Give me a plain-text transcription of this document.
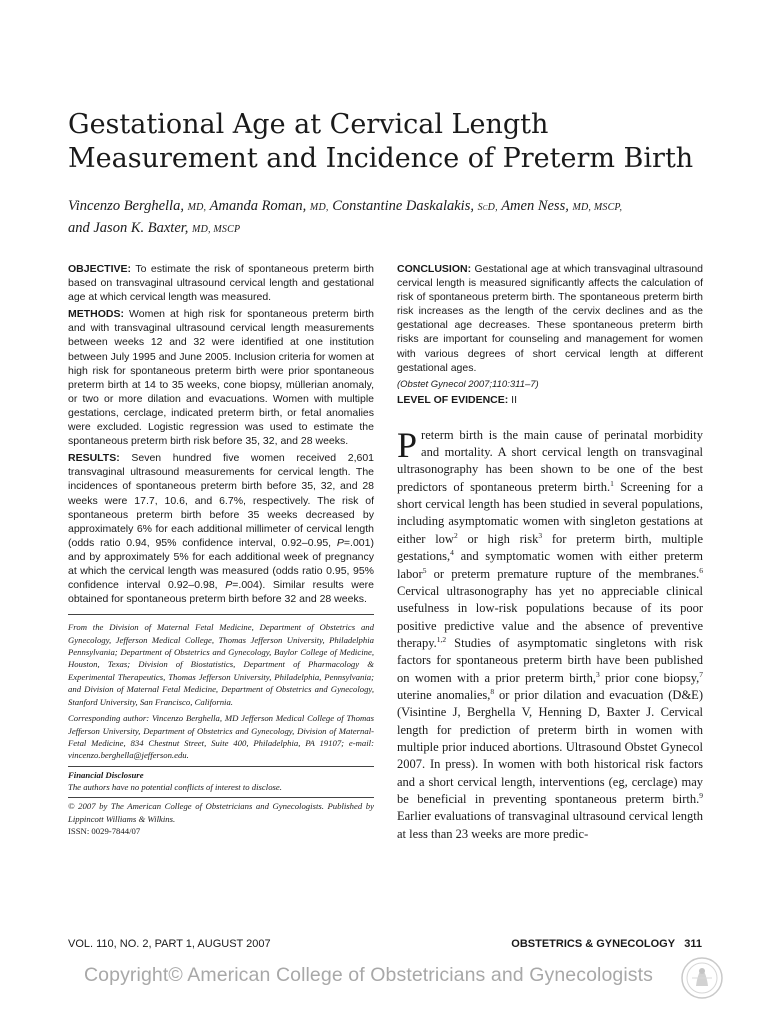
Gestational Age at Cervical Length
Measurement and Incidence of Preterm Birth
Vincenzo Berghella, MD, Amanda Roman, MD, Constantine Daskalakis, ScD, Amen Ness, MD, MSCP,
and Jason K. Baxter, MD, MSCP

OBJECTIVE: To estimate the risk of spontaneous preterm birth based on transvaginal ultrasound cervical length and gestational age at which cervical length was measured.

METHODS: Women at high risk for spontaneous preterm birth and with transvaginal ultrasound cervical length measurements between weeks 12 and 32 were identified at one institution between July 1995 and June 2005. Inclusion criteria for women at high risk for spontaneous preterm birth were prior spontaneous preterm birth at 14 to 35 weeks, cone biopsy, müllerian anomaly, or two or more dilation and evacuations. Women with multiple gestations, cerclage, indicated preterm birth, or fetal anomalies were excluded. Logistic regression was used to estimate the spontaneous preterm birth risk before 35, 32, and 28 weeks.

RESULTS: Seven hundred five women received 2,601 transvaginal ultrasound measurements for cervical length. The incidences of spontaneous preterm birth before 35, 32, and 28 weeks were 17.7, 10.6, and 6.7%, respectively. The risk of spontaneous preterm birth before 35 weeks decreased by approximately 6% for each additional millimeter of cervical length (odds ratio 0.94, 95% confidence interval, 0.92–0.95, P=.001) and by approximately 5% for each additional week of pregnancy at which the cervical length was measured (odds ratio 0.95, 95% confidence interval 0.92–0.98, P=.004). Similar results were obtained for spontaneous preterm birth before 32 and 28 weeks.

From the Division of Maternal Fetal Medicine, Department of Obstetrics and Gynecology, Jefferson Medical College, Thomas Jefferson University, Philadelphia Pennsylvania; Department of Obstetrics and Gynecology, Baylor College of Medicine, Houston, Texas; Division of Biostatistics, Department of Pharmacology & Experimental Therapeutics, Thomas Jefferson University, Philadelphia, Pennsylvania; and Division of Maternal Fetal Medicine, Department of Obstetrics and Gynecology, Stanford University, San Francisco, California.

Corresponding author: Vincenzo Berghella, MD Jefferson Medical College of Thomas Jefferson University, Department of Obstetrics and Gynecology, Division of Maternal-Fetal Medicine, 834 Chestnut Street, Suite 400, Philadelphia, PA 19107; e-mail: vincenzo.berghella@jefferson.edu.

Financial Disclosure

The authors have no potential conflicts of interest to disclose.

© 2007 by The American College of Obstetricians and Gynecologists. Published by Lippincott Williams & Wilkins.

ISSN: 0029-7844/07

CONCLUSION: Gestational age at which transvaginal ultrasound cervical length is measured significantly affects the calculation of risk of spontaneous preterm birth. The spontaneous preterm birth risk increases as the length of the cervix declines and as the gestational age decreases. These spontaneous preterm birth risks are important for counseling and management for women with various degrees of short cervical length at different gestational ages.

(Obstet Gynecol 2007;110:311–7)

LEVEL OF EVIDENCE: II

Preterm birth is the main cause of perinatal morbidity and mortality. A short cervical length on transvaginal ultrasonography has been shown to be one of the best predictors of spontaneous preterm birth.$^1$ Screening for a short cervical length has been studied in several populations, including asymptomatic women with singleton gestations at either low$^2$ or high risk$^3$ for preterm birth, multiple gestations,$^4$ and symptomatic women with either preterm labor$^5$ or preterm premature rupture of the membranes.$^6$ Cervical ultrasonography has yet no appreciable clinical usefulness in low-risk populations because of its poor positive predictive value and the absence of preventive therapy.$^{1,2}$ Studies of asymptomatic singletons with risk factors for spontaneous preterm birth have been published on women with a prior preterm birth,$^3$ prior cone biopsy,$^7$ uterine anomalies,$^8$ or prior dilation and evacuation (D&E) (Visintine J, Berghella V, Henning D, Baxter J. Cervical length for prediction of preterm birth in women with multiple prior induced abortions. Ultrasound Obstet Gynecol 2007. In press). In women with both historical risk factors and a short cervical length, interventions (eg, cerclage) may be beneficial in preventing spontaneous preterm birth.$^9$ Earlier evaluations of transvaginal ultrasound cervical length at less than 23 weeks are more predic-

VOL. 110, NO. 2, PART 1, AUGUST 2007	OBSTETRICS & GYNECOLOGY 311
Copyright© American College of Obstetricians and Gynecologists
